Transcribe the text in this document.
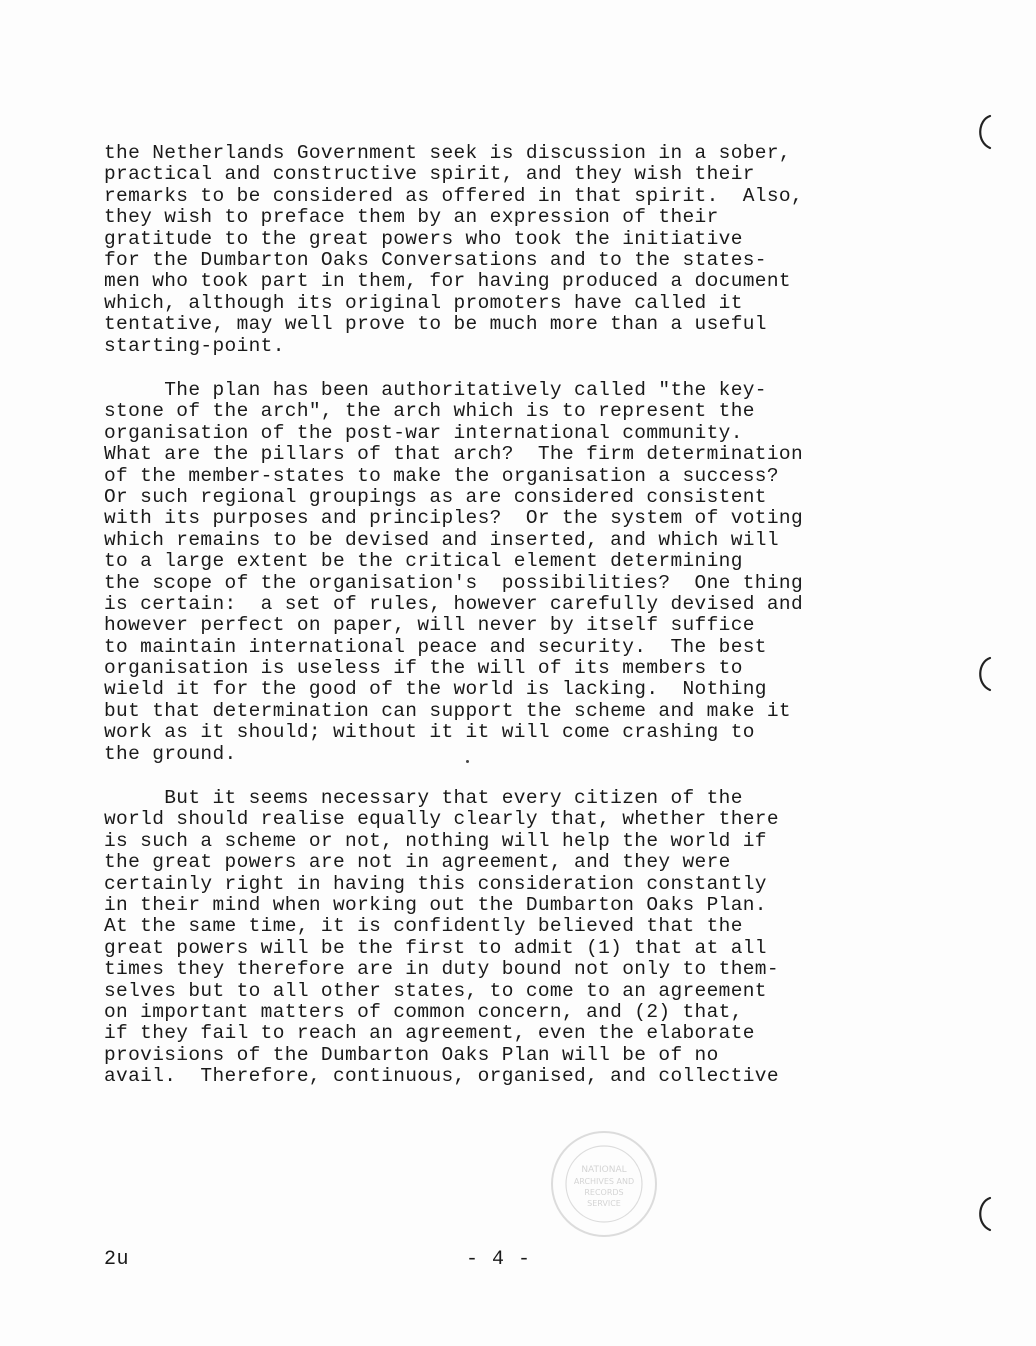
the Netherlands Government seek is discussion in a sober,
practical and constructive spirit, and they wish their
remarks to be considered as offered in that spirit.  Also,
they wish to preface them by an expression of their
gratitude to the great powers who took the initiative
for the Dumbarton Oaks Conversations and to the states-
men who took part in them, for having produced a document
which, although its original promoters have called it
tentative, may well prove to be much more than a useful
starting-point.
The plan has been authoritatively called "the key-
stone of the arch", the arch which is to represent the
organisation of the post-war international community.
What are the pillars of that arch?  The firm determination
of the member-states to make the organisation a success?
Or such regional groupings as are considered consistent
with its purposes and principles?  Or the system of voting
which remains to be devised and inserted, and which will
to a large extent be the critical element determining
the scope of the organisation's  possibilities?  One thing
is certain:  a set of rules, however carefully devised and
however perfect on paper, will never by itself suffice
to maintain international peace and security.  The best
organisation is useless if the will of its members to
wield it for the good of the world is lacking.  Nothing
but that determination can support the scheme and make it
work as it should; without it it will come crashing to
the ground.
But it seems necessary that every citizen of the
world should realise equally clearly that, whether there
is such a scheme or not, nothing will help the world if
the great powers are not in agreement, and they were
certainly right in having this consideration constantly
in their mind when working out the Dumbarton Oaks Plan.
At the same time, it is confidently believed that the
great powers will be the first to admit (1) that at all
times they therefore are in duty bound not only to them-
selves but to all other states, to come to an agreement
on important matters of common concern, and (2) that,
if they fail to reach an agreement, even the elaborate
provisions of the Dumbarton Oaks Plan will be of no
avail.  Therefore, continuous, organised, and collective
NATIONAL
ARCHIVES AND
RECORDS
SERVICE
2u	- 4 -
